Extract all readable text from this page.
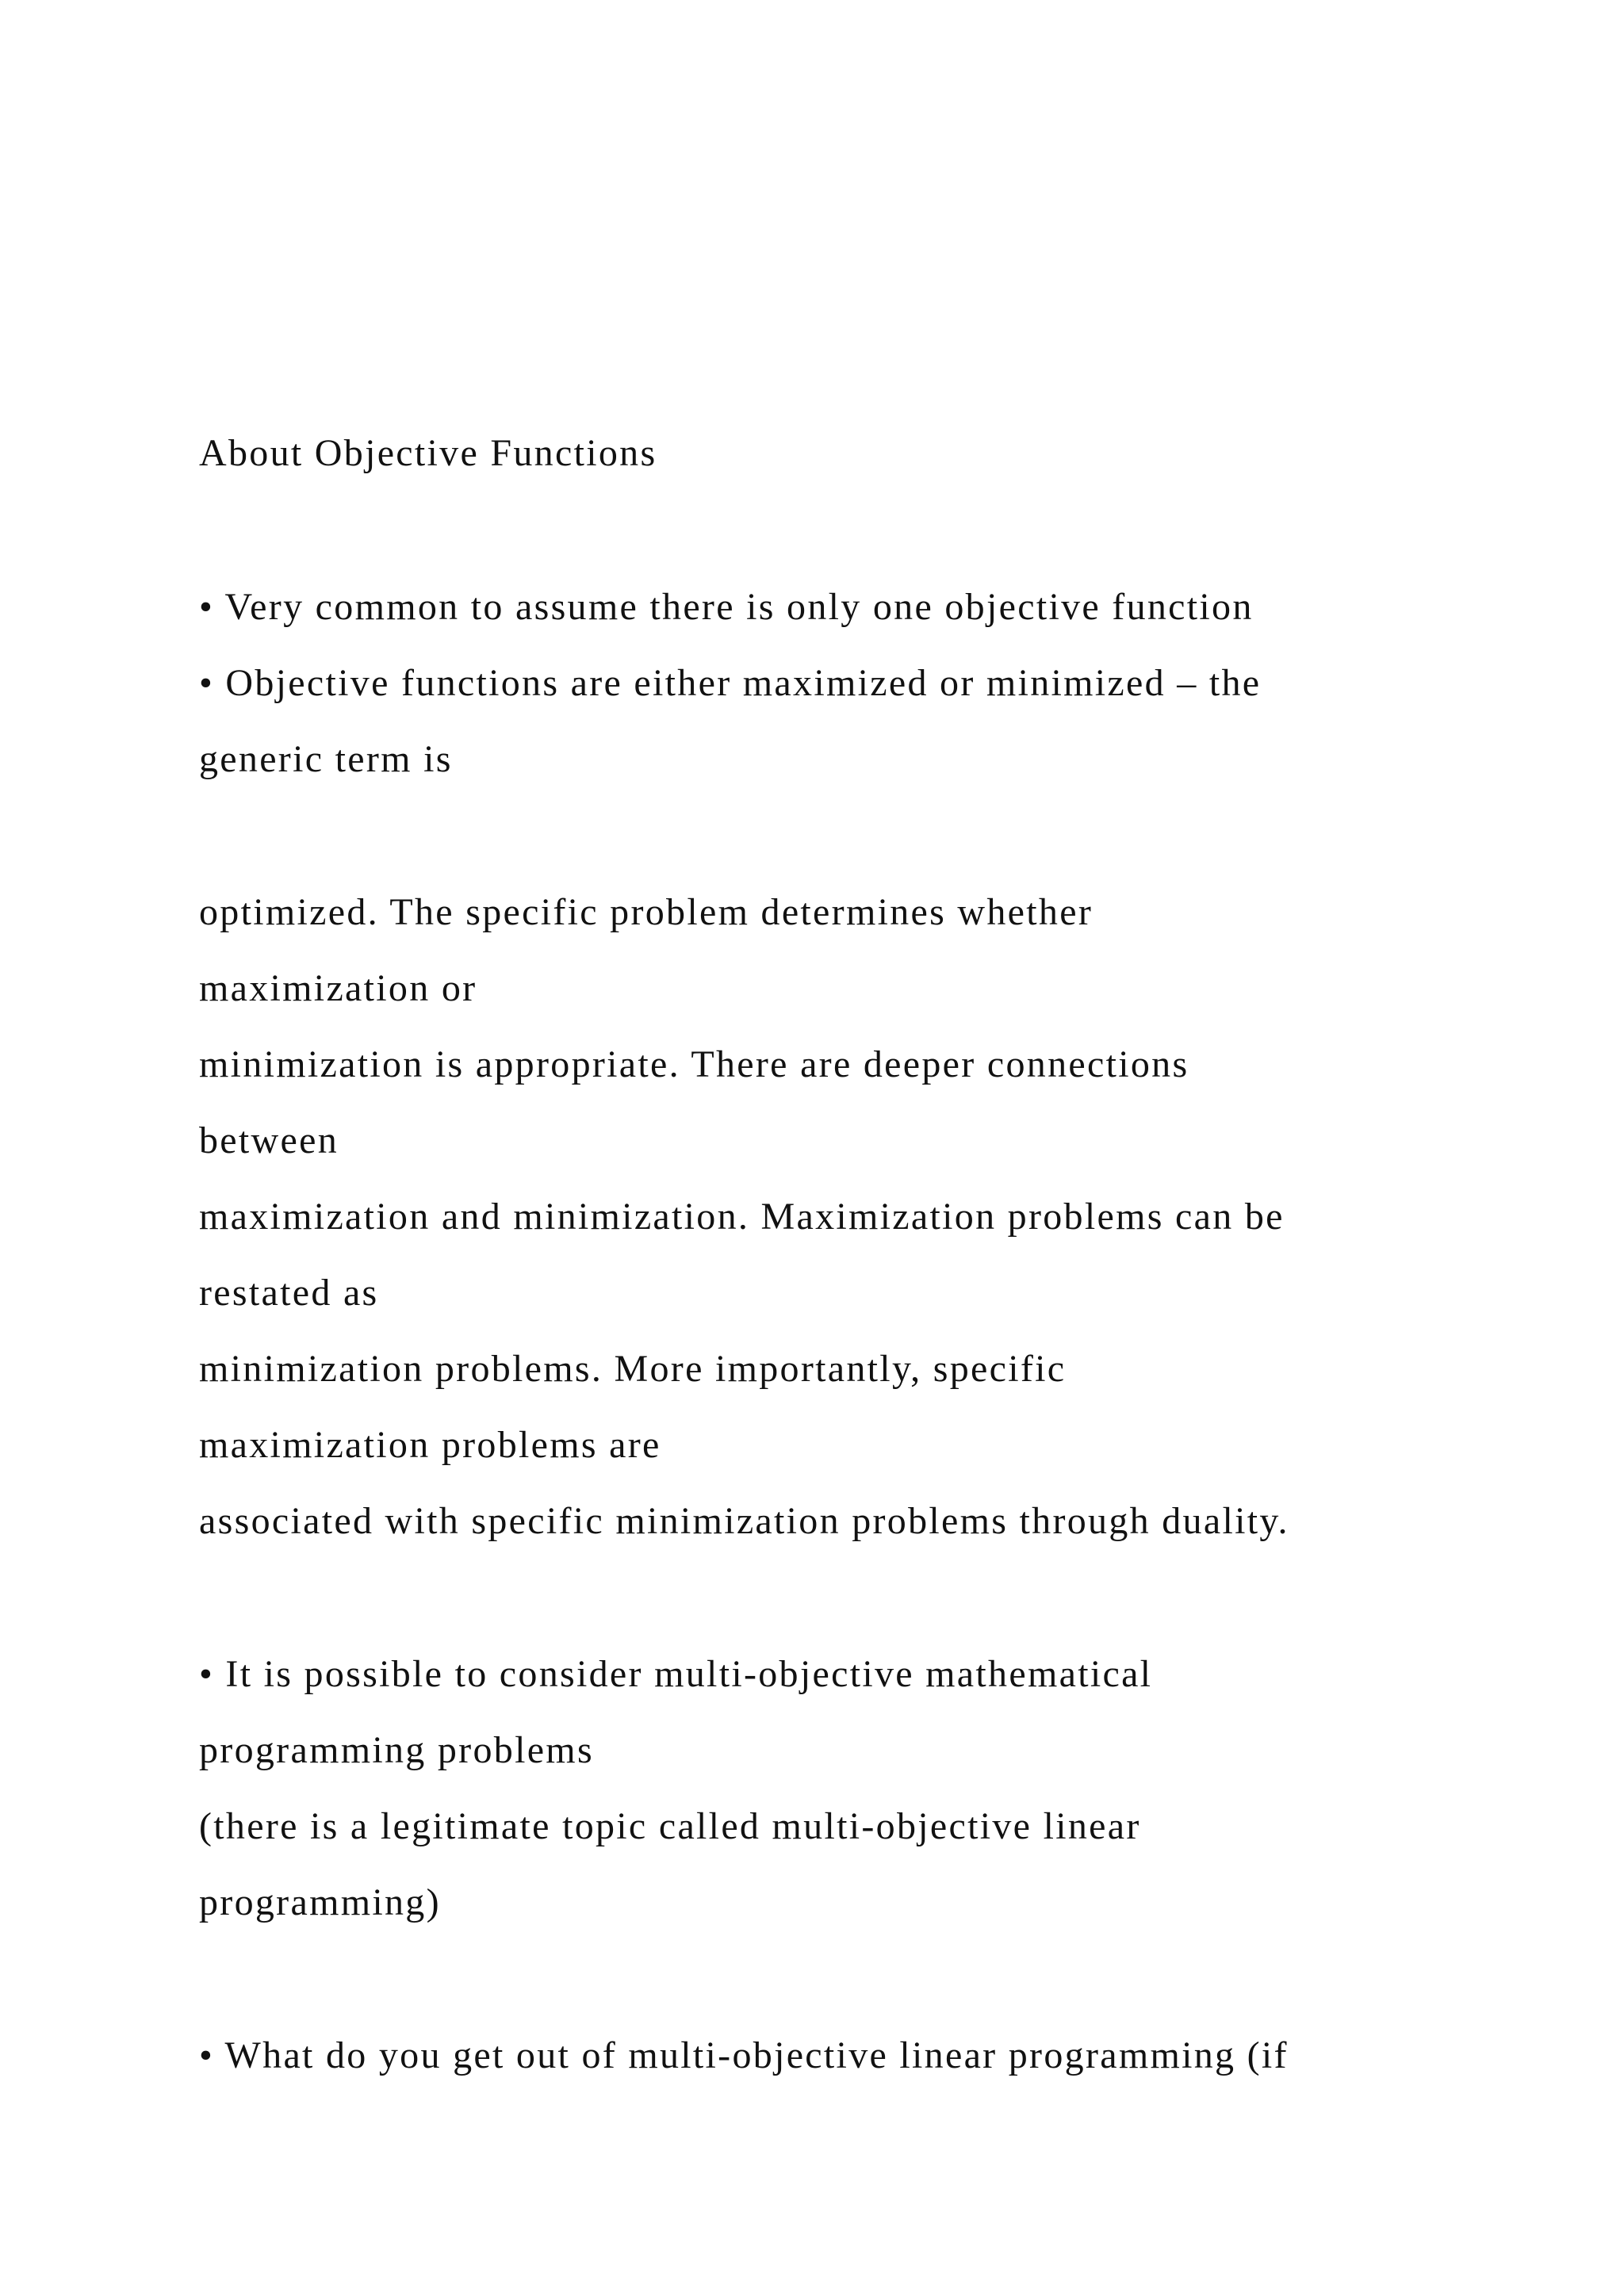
About Objective Functions

• Very common to assume there is only one objective function

• Objective functions are either maximized or minimized – the

generic term is

optimized. The specific problem determines whether

maximization or

minimization is appropriate. There are deeper connections

between

maximization and minimization. Maximization problems can be

restated as

minimization problems. More importantly, specific

maximization problems are

associated with specific minimization problems through duality.

• It is possible to consider multi-objective mathematical

programming problems

(there is a legitimate topic called multi-objective linear

programming)

• What do you get out of multi-objective linear programming (if
